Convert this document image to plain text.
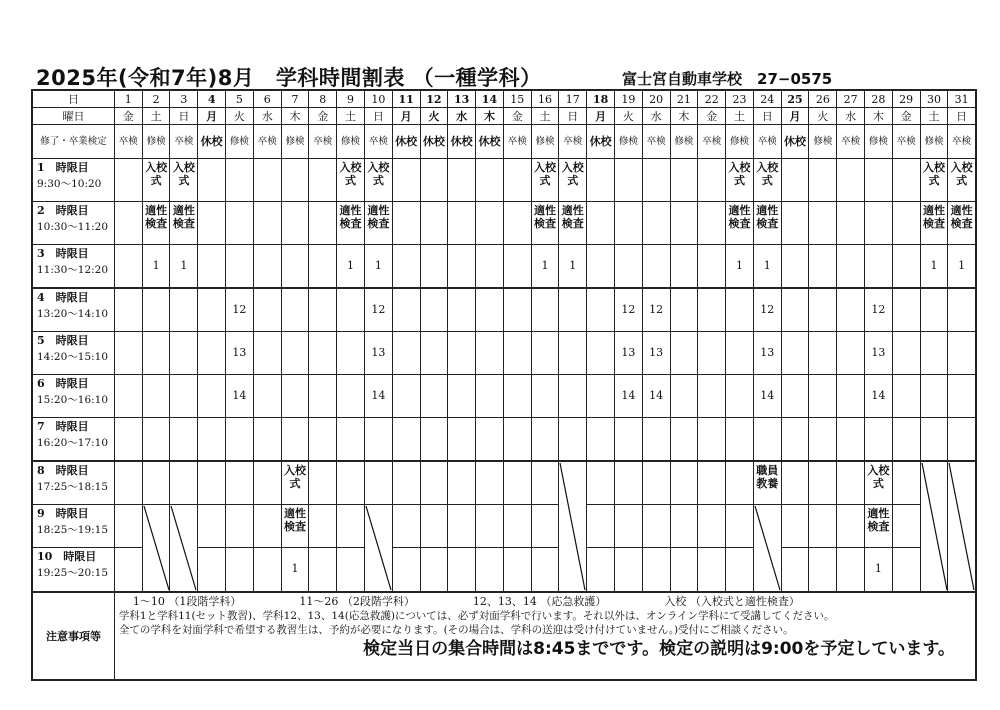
2025年(令和7年)8月　学科時間割表 （一種学科）	富士宮自動車学校　27−0575
日	1	2	3	4	5	6	7	8	9	10	11	12	13	14	15	16	17	18	19	20	21	22	23	24	25	26	27	28	29	30	31
曜日	金	土	日	月	火	水	木	金	土	日	月	火	水	木	金	土	日	月	火	水	木	金	土	日	月	火	水	木	金	土	日
修了・卒業検定	卒検	修検	卒検	休校	修検	卒検	修検	卒検	修検	卒検	休校	休校	休校	休校	卒検	修検	卒検	休校	修検	卒検	修検	卒検	修検	卒検	休校	修検	卒検	修検	卒検	修検	卒検

1　時限目
9:30〜10:20		入校式	入校式						入校式	入校式						入校式	入校式						入校式	入校式						入校式	入校式

2　時限目
10:30〜11:20		適性検査	適性検査						適性検査	適性検査						適性検査	適性検査						適性検査	適性検査						適性検査	適性検査

3　時限目
11:30〜12:20		1	1						1	1						1	1						1	1						1	1

4　時限目
13:20〜14:10					12					12									12	12				12				12			

5　時限目
14:20〜15:10					13					13									13	13				13				13			

6　時限目
15:20〜16:10					14					14									14	14				14				14			

7　時限目
16:20〜17:10																															

8　時限目
17:25〜18:15							入校式																	職員教養				入校式

9　時限目
18:25〜19:15							適性検査																					適性検査			

10　時限目
19:25〜20:15							1																					1			

注意事項等	1〜10 （1段階学科） 11〜26 （2段階学科） 12、13、14 （応急救護） 入校 （入校式と適性検査）
学科1と学科11(セット教習)、学科12、13、14(応急救護)については、必ず対面学科で行います。それ以外は、オンライン学科にて受講してください。
全ての学科を対面学科で希望する教習生は、予約が必要になります。(その場合は、学科の送迎は受け付けていません。)受付にご相談ください。
検定当日の集合時間は8:45までです。検定の説明は9:00を予定しています。																														
